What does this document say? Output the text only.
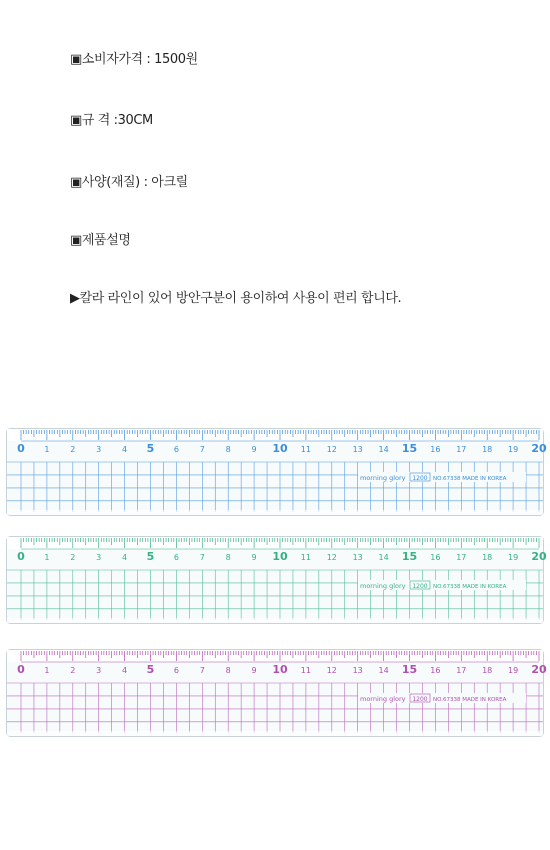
▣소비자가격 : 1500원
▣규 격 :30CM
▣사양(재질) : 아크릴
▣제품설명
▶칼라 라인이 있어 방안구분이 용이하여 사용이 편리 합니다.
0 1	2	3	4 5 6	7	8	9 10 11 12 13 14 15 16 17 18 19 20
morning glory 1200 NO.67338 MADE IN KOREA
0 1	2	3	4 5 6	7	8	9 10 11 12 13 14 15 16 17 18 19 20
morning glory 1200 NO.67338 MADE IN KOREA
0 1	2	3	4 5 6	7	8	9 10 11 12 13 14 15 16 17 18 19 20
morning glory 1200 NO.67338 MADE IN KOREA
